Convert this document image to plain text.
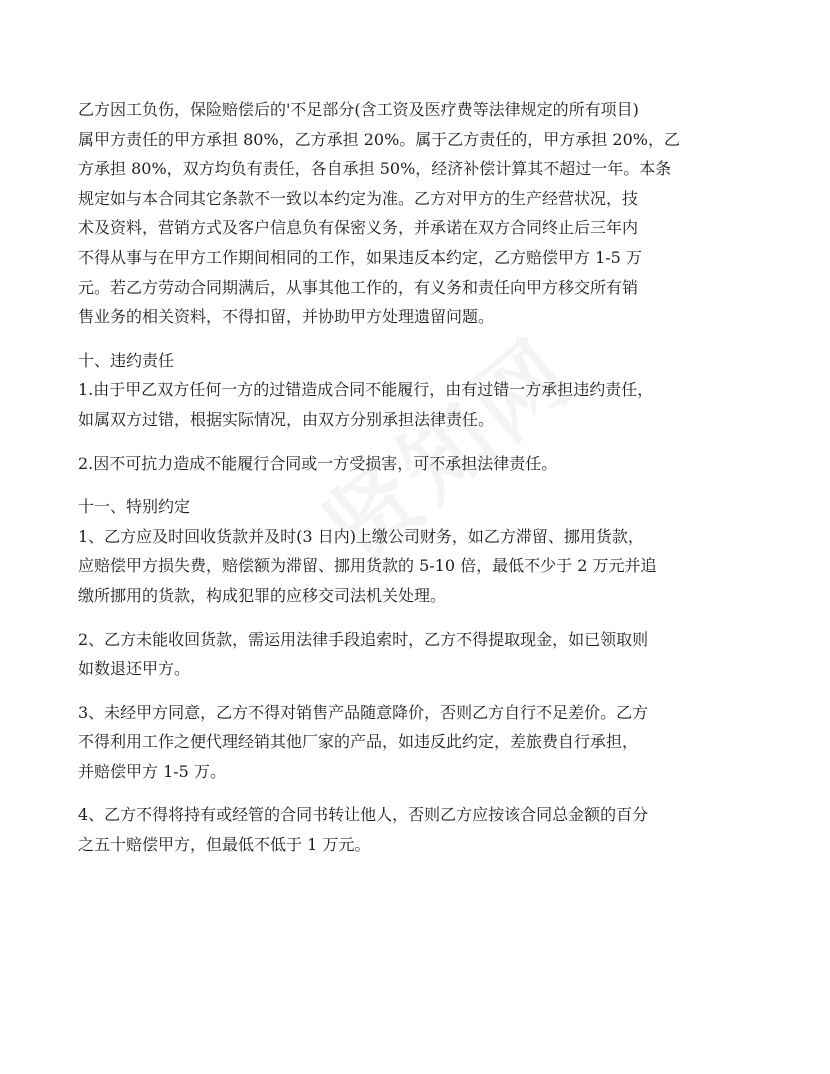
乙方因工负伤，保险赔偿后的'不足部分(含工资及医疗费等法律规定的所有项目)
属甲方责任的甲方承担 80%，乙方承担 20%。属于乙方责任的，甲方承担 20%，乙
方承担 80%，双方均负有责任，各自承担 50%，经济补偿计算其不超过一年。本条
规定如与本合同其它条款不一致以本约定为准。乙方对甲方的生产经营状况，技
术及资料，营销方式及客户信息负有保密义务，并承诺在双方合同终止后三年内
不得从事与在甲方工作期间相同的工作，如果违反本约定，乙方赔偿甲方 1-5 万
元。若乙方劳动合同期满后，从事其他工作的，有义务和责任向甲方移交所有销
售业务的相关资料，不得扣留，并协助甲方处理遗留问题。
十、违约责任
1.由于甲乙双方任何一方的过错造成合同不能履行，由有过错一方承担违约责任，
如属双方过错，根据实际情况，由双方分别承担法律责任。
2.因不可抗力造成不能履行合同或一方受损害，可不承担法律责任。
十一、特别约定
1、乙方应及时回收货款并及时(3 日内)上缴公司财务，如乙方滞留、挪用货款，
应赔偿甲方损失费，赔偿额为滞留、挪用货款的 5-10 倍，最低不少于 2 万元并追
缴所挪用的货款，构成犯罪的应移交司法机关处理。
2、乙方未能收回货款，需运用法律手段追索时，乙方不得提取现金，如已领取则
如数退还甲方。
3、未经甲方同意，乙方不得对销售产品随意降价，否则乙方自行不足差价。乙方
不得利用工作之便代理经销其他厂家的产品，如违反此约定，差旅费自行承担，
并赔偿甲方 1-5 万。
4、乙方不得将持有或经管的合同书转让他人，否则乙方应按该合同总金额的百分
之五十赔偿甲方，但最低不低于 1 万元。
